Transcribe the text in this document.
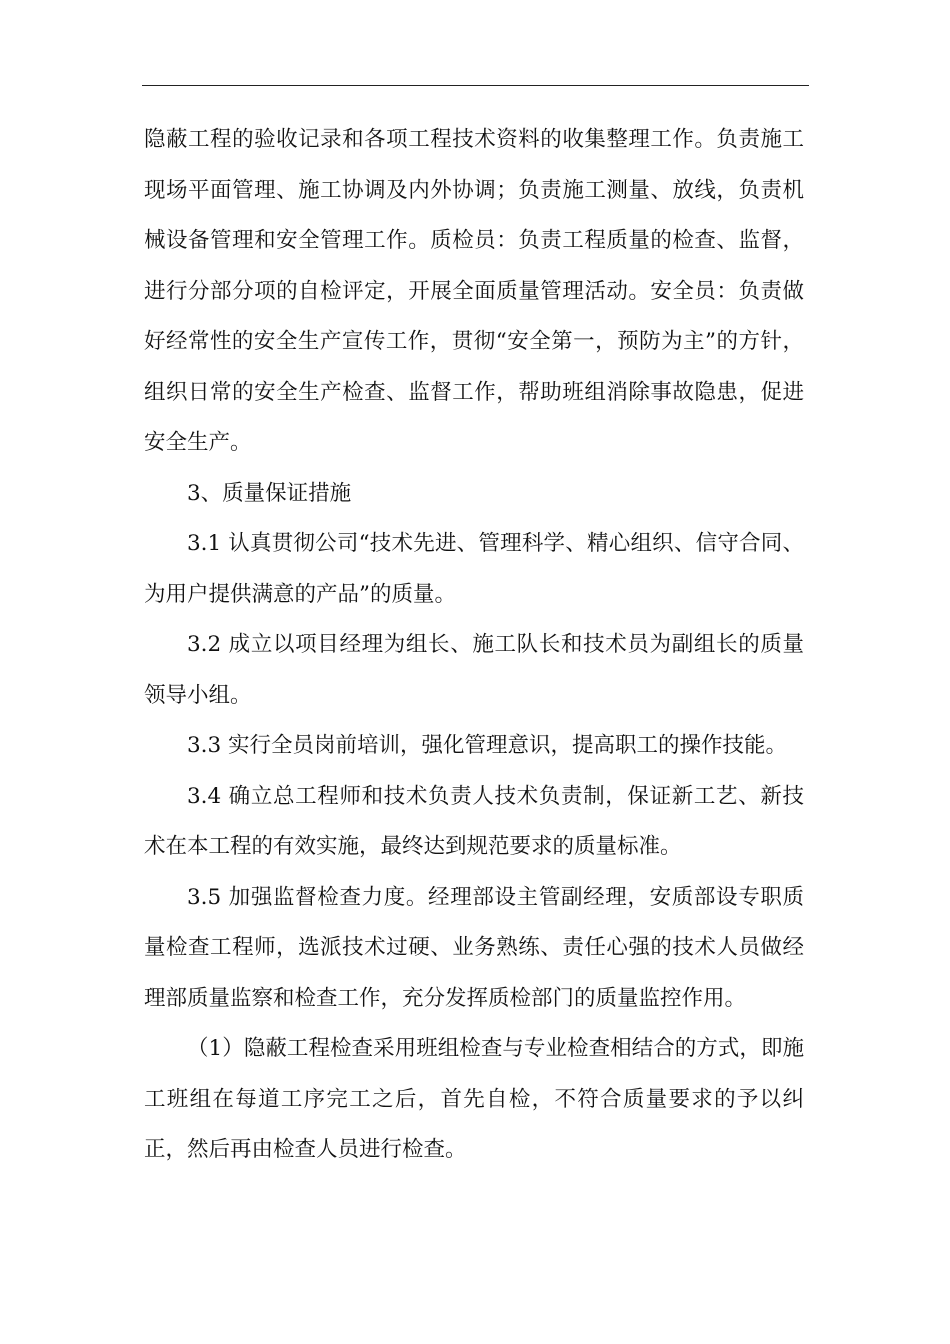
隐蔽工程的验收记录和各项工程技术资料的收集整理工作。负责施工现场平面管理、施工协调及内外协调；负责施工测量、放线，负责机械设备管理和安全管理工作。质检员：负责工程质量的检查、监督，进行分部分项的自检评定，开展全面质量管理活动。安全员：负责做好经常性的安全生产宣传工作，贯彻“安全第一，预防为主”的方针，组织日常的安全生产检查、监督工作，帮助班组消除事故隐患，促进安全生产。

3、质量保证措施

3.1 认真贯彻公司“技术先进、管理科学、精心组织、信守合同、为用户提供满意的产品”的质量。

3.2 成立以项目经理为组长、施工队长和技术员为副组长的质量领导小组。

3.3 实行全员岗前培训，强化管理意识，提高职工的操作技能。

3.4 确立总工程师和技术负责人技术负责制，保证新工艺、新技术在本工程的有效实施，最终达到规范要求的质量标准。

3.5 加强监督检查力度。经理部设主管副经理，安质部设专职质量检查工程师，选派技术过硬、业务熟练、责任心强的技术人员做经理部质量监察和检查工作，充分发挥质检部门的质量监控作用。

（1）隐蔽工程检查采用班组检查与专业检查相结合的方式，即施工班组在每道工序完工之后，首先自检，不符合质量要求的予以纠正，然后再由检查人员进行检查。
